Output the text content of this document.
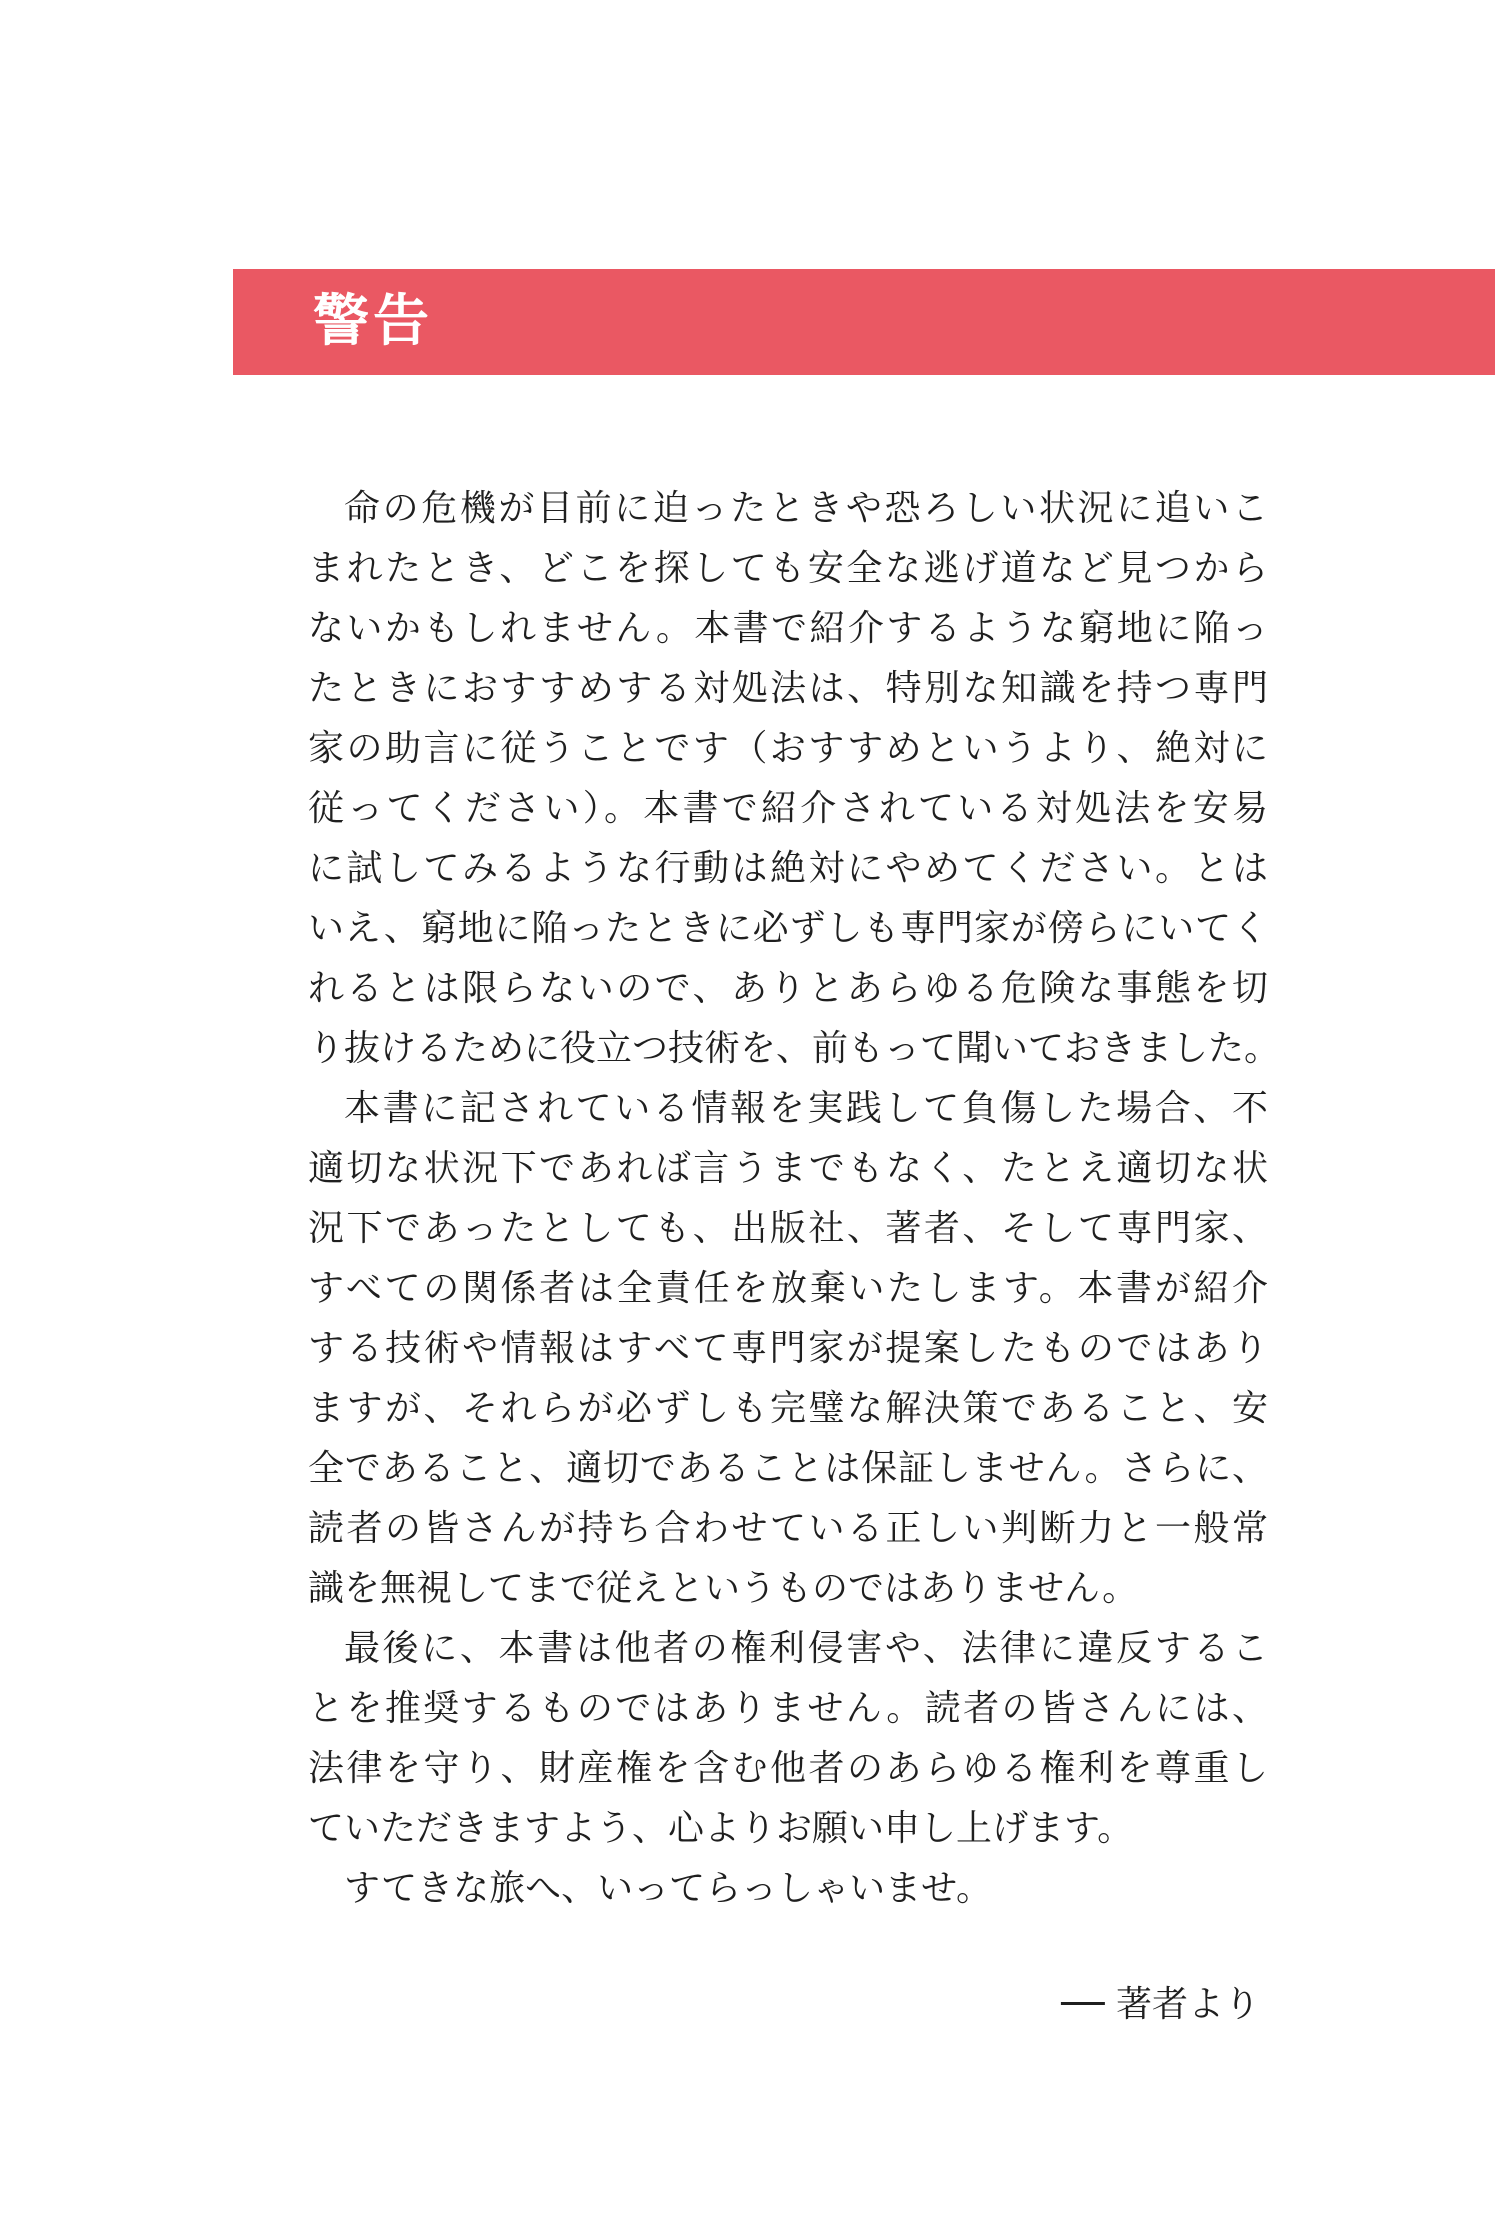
警告
命の危機が目前に迫ったときや恐ろしい状況に追いこ
まれたとき、どこを探しても安全な逃げ道など見つから
ないかもしれません。本書で紹介するような窮地に陥っ
たときにおすすめする対処法は、特別な知識を持つ専門
家の助言に従うことです（おすすめというより、絶対に
従ってください）。本書で紹介されている対処法を安易
に試してみるような行動は絶対にやめてください。とは
いえ、窮地に陥ったときに必ずしも専門家が傍らにいてく
れるとは限らないので、ありとあらゆる危険な事態を切
り抜けるために役立つ技術を、前もって聞いておきました。
本書に記されている情報を実践して負傷した場合、不
適切な状況下であれば言うまでもなく、たとえ適切な状
況下であったとしても、出版社、著者、そして専門家、
すべての関係者は全責任を放棄いたします。本書が紹介
する技術や情報はすべて専門家が提案したものではあり
ますが、それらが必ずしも完璧な解決策であること、安
全であること、適切であることは保証しません。さらに、
読者の皆さんが持ち合わせている正しい判断力と一般常
識を無視してまで従えというものではありません。
最後に、本書は他者の権利侵害や、法律に違反するこ
とを推奨するものではありません。読者の皆さんには、
法律を守り、財産権を含む他者のあらゆる権利を尊重し
ていただきますよう、心よりお願い申し上げます。
すてきな旅へ、いってらっしゃいませ。
── 著者より
